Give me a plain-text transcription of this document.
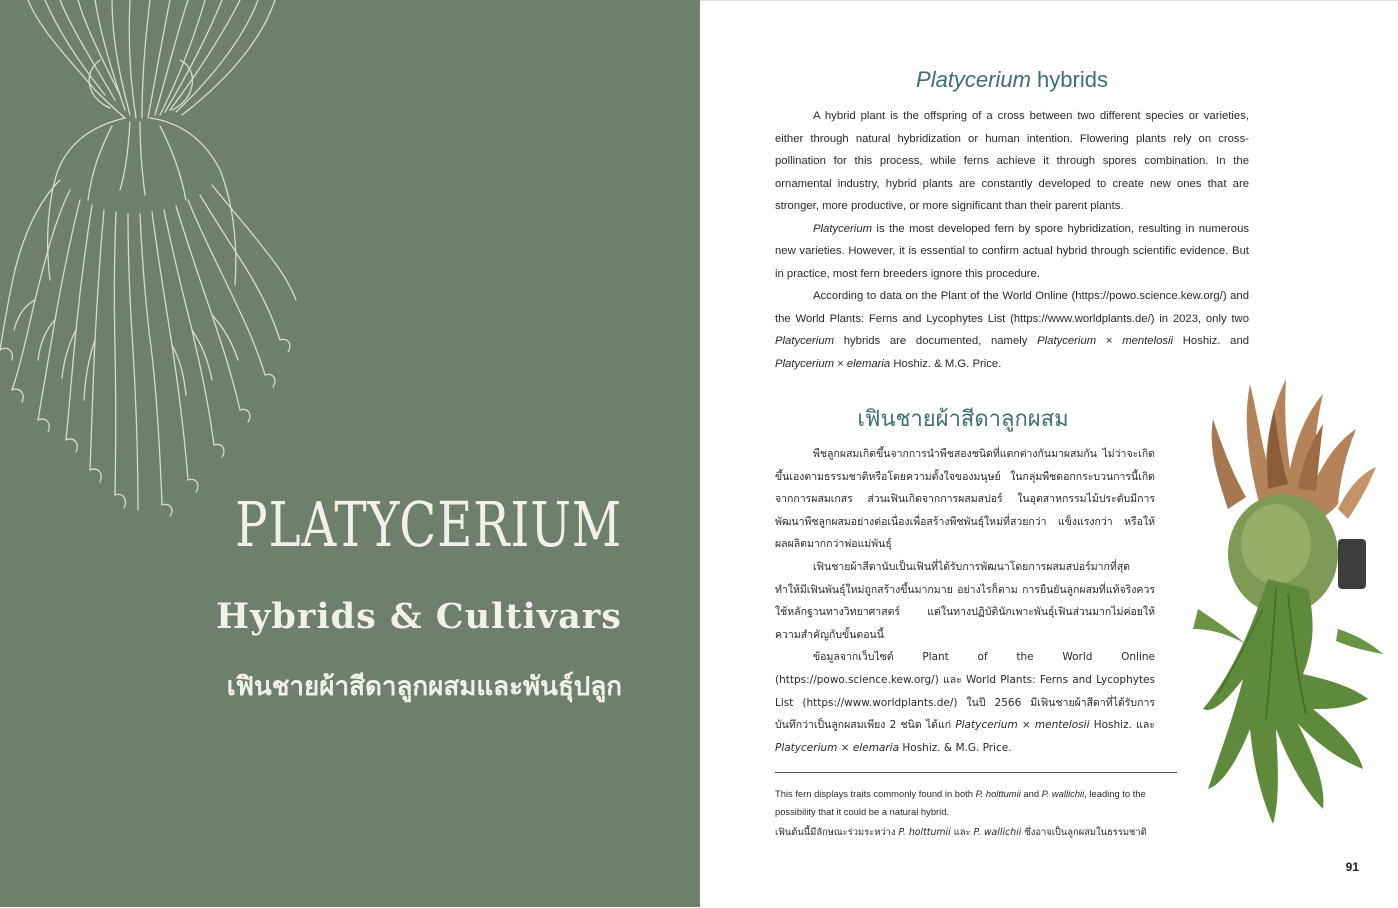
PLATYCERIUM
Hybrids & Cultivars
เฟินชายผ้าสีดาลูกผสมและพันธุ์ปลูก
Platycerium hybrids

A hybrid plant is the offspring of a cross between two different species or varieties, either through natural hybridization or human intention. Flowering plants rely on cross-pollination for this process, while ferns achieve it through spores combination. In the ornamental industry, hybrid plants are constantly developed to create new ones that are stronger, more productive, or more significant than their parent plants.

Platycerium is the most developed fern by spore hybridization, resulting in numerous new varieties. However, it is essential to confirm actual hybrid through scientific evidence. But in practice, most fern breeders ignore this procedure.

According to data on the Plant of the World Online (https://powo.science.kew.org/) and the World Plants: Ferns and Lycophytes List (https://www.worldplants.de/) in 2023, only two Platycerium hybrids are documented, namely Platycerium × mentelosii Hoshiz. and Platycerium × elemaria Hoshiz. & M.G. Price.

เฟินชายผ้าสีดาลูกผสม

พืชลูกผสมเกิดขึ้นจากการนำพืชสองชนิดที่แตกต่างกันมาผสมกัน ไม่ว่าจะเกิดขึ้นเองตามธรรมชาติหรือโดยความตั้งใจของมนุษย์ ในกลุ่มพืชดอกกระบวนการนี้เกิดจากการผสมเกสร ส่วนเฟินเกิดจากการผสมสปอร์ ในอุตสาหกรรมไม้ประดับมีการพัฒนาพืชลูกผสมอย่างต่อเนื่องเพื่อสร้างพืชพันธุ์ใหม่ที่สวยกว่า แข็งแรงกว่า หรือให้ผลผลิตมากกว่าพ่อแม่พันธุ์

เฟินชายผ้าสีดานับเป็นเฟินที่ได้รับการพัฒนาโดยการผสมสปอร์มากที่สุด ทำให้มีเฟินพันธุ์ใหม่ถูกสร้างขึ้นมากมาย อย่างไรก็ตาม การยืนยันลูกผสมที่แท้จริงควรใช้หลักฐานทางวิทยาศาสตร์ แต่ในทางปฏิบัตินักเพาะพันธุ์เฟินส่วนมากไม่ค่อยให้ความสำคัญกับขั้นตอนนี้

ข้อมูลจากเว็บไซต์ Plant of the World Online (https://powo.science.kew.org/) และ World Plants: Ferns and Lycophytes List (https://www.worldplants.de/) ในปี 2566 มีเฟินชายผ้าสีดาที่ได้รับการบันทึกว่าเป็นลูกผสมเพียง 2 ชนิด ได้แก่ Platycerium × mentelosii Hoshiz. และ Platycerium × elemaria Hoshiz. & M.G. Price.

This fern displays traits commonly found in both P. holttumii and P. wallichii, leading to the possibility that it could be a natural hybrid.

เฟินต้นนี้มีลักษณะร่วมระหว่าง P. holttumii และ P. wallichii ซึ่งอาจเป็นลูกผสมในธรรมชาติ

91
